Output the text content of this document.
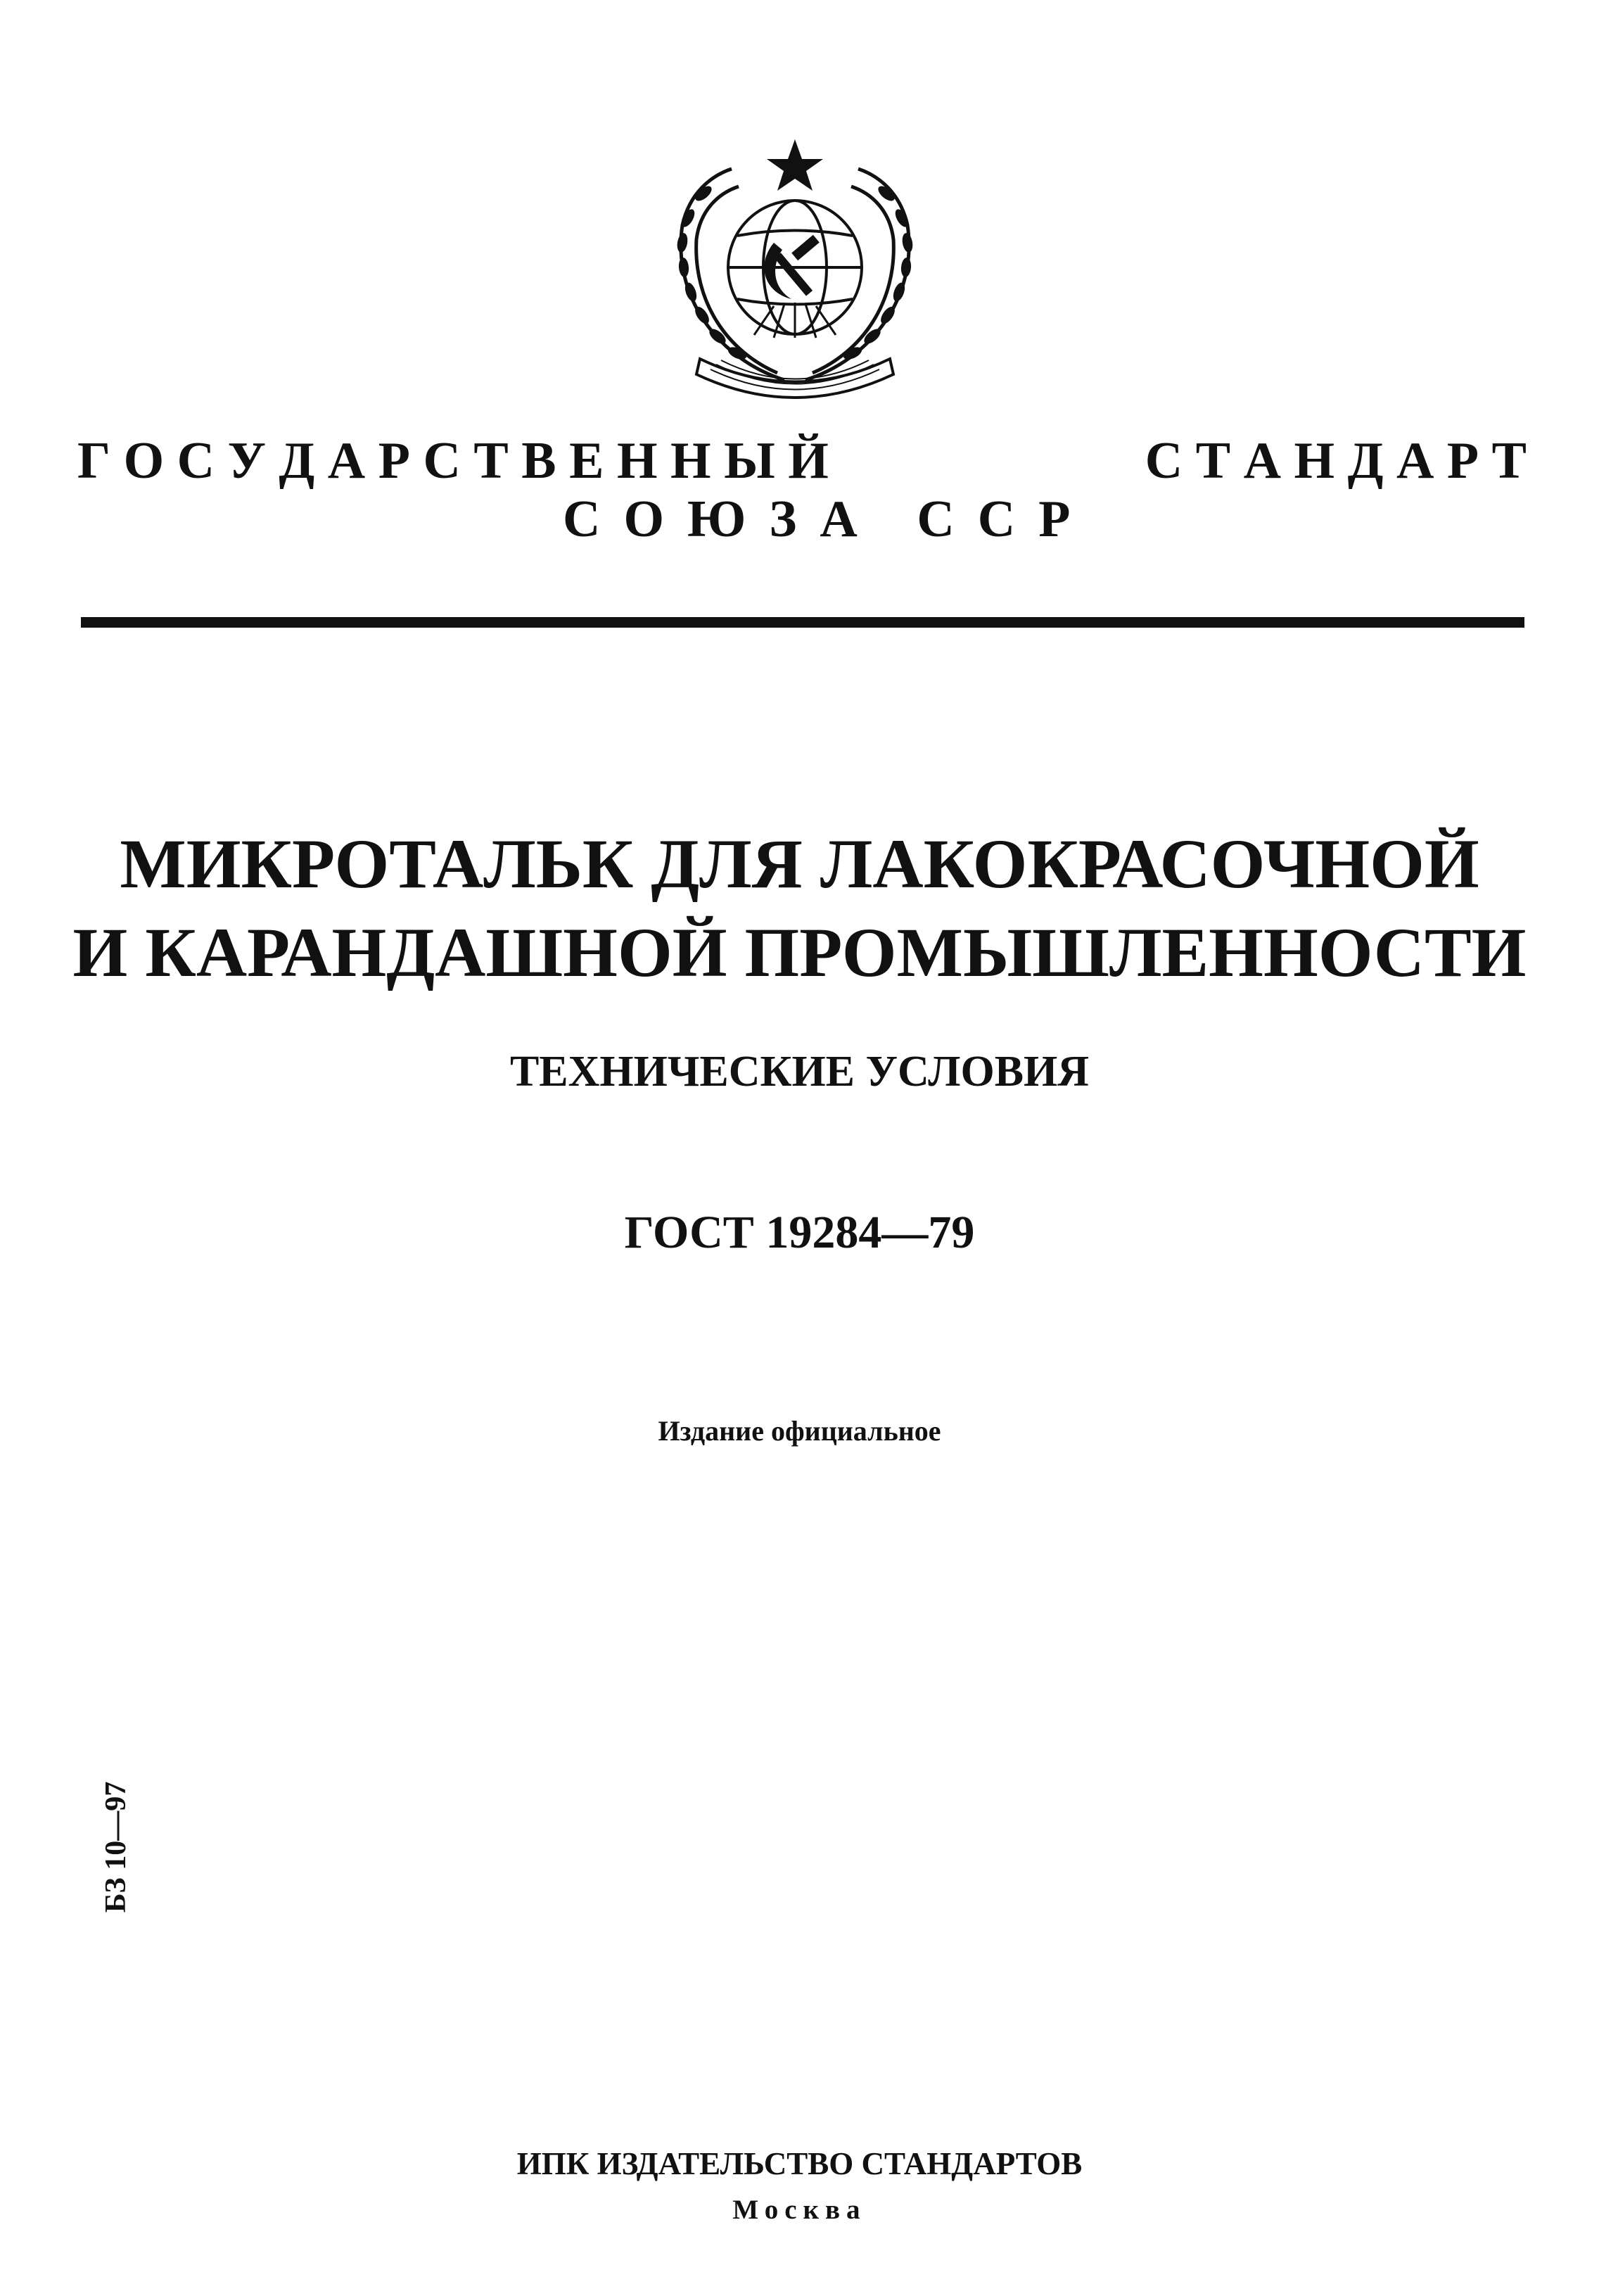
Г О С У Д А Р С Т В Е Н Н Ы Й	С Т А Н Д А Р Т
СОЮЗА ССР
МИКРОТАЛЬК ДЛЯ ЛАКОКРАСОЧНОЙ
И КАРАНДАШНОЙ ПРОМЫШЛЕННОСТИ
ТЕХНИЧЕСКИЕ УСЛОВИЯ
ГОСТ 19284—79
Издание официальное
БЗ 10—97
ИПК ИЗДАТЕЛЬСТВО СТАНДАРТОВ
Москва
